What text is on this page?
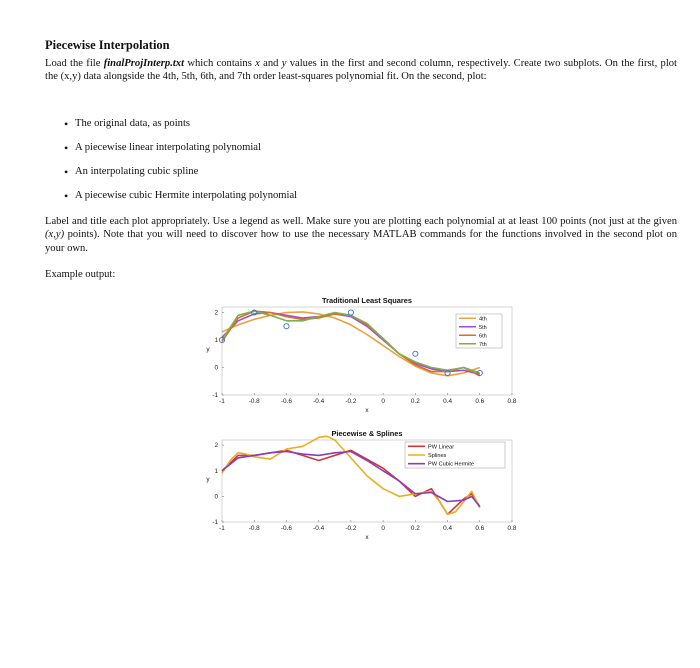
Piecewise Interpolation
Load the file finalProjInterp.txt which contains x and y values in the first and second column, respectively. Create two subplots. On the first, plot the (x,y) data alongside the 4th, 5th, 6th, and 7th order least-squares polynomial fit. On the second, plot:
• The original data, as points
• A piecewise linear interpolating polynomial
• An interpolating cubic spline
• A piecewise cubic Hermite interpolating polynomial
Label and title each plot appropriately. Use a legend as well. Make sure you are plotting each polynomial at at least 100 points (not just at the given (x,y) points). Note that you will need to discover how to use the necessary MATLAB commands for the functions involved in the second plot on your own.
Example output:
Traditional Least Squares
-1	-0.8	-0.6	-0.4	-0.2	0	0.2	0.4	0.6	0.8
-1
0
1
2
x
y
4th
5th
6th
7th
Piecewise & Splines
-1	-0.8	-0.6	-0.4	-0.2	0	0.2	0.4	0.6	0.8
-1
0
1
2
x
y
PW Linear
Splines
PW Cubic Hermite
